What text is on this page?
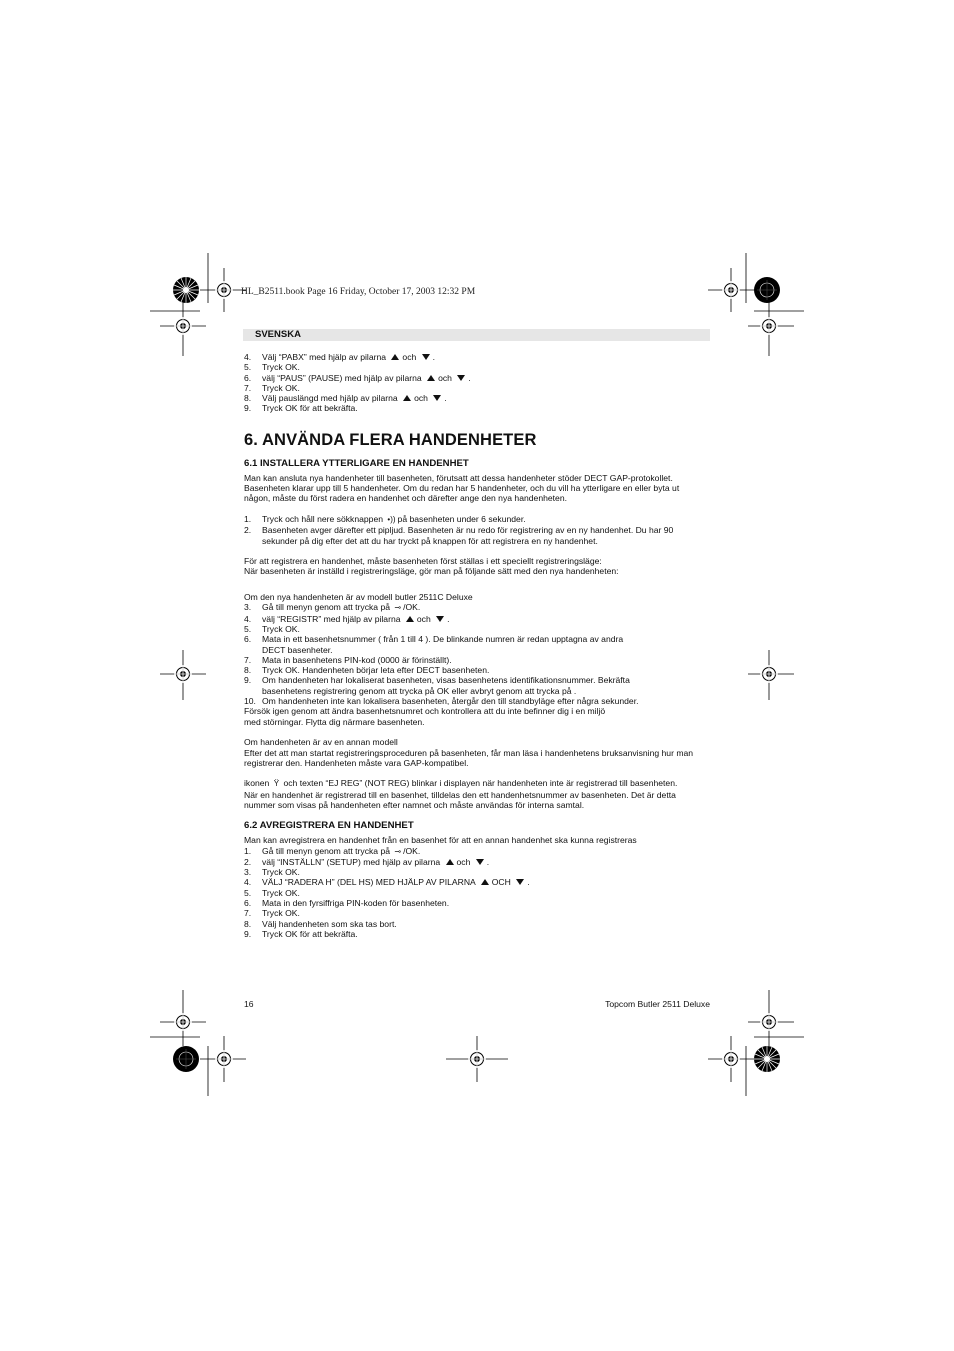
HL_B2511.book Page 16 Friday, October 17, 2003 12:32 PM
SVENSKA
4. Välj “PABX” med hjälp av pilarna och .
5. Tryck OK.
6. välj “PAUS” (PAUSE) med hjälp av pilarna och .
7. Tryck OK.
8. Välj pauslängd med hjälp av pilarna och .
9. Tryck OK för att bekräfta.
6. ANVÄNDA FLERA HANDENHETER
6.1 INSTALLERA YTTERLIGARE EN HANDENHET
Man kan ansluta nya handenheter till basenheten, förutsatt att dessa handenheter stöder DECT GAP-protokollet.
Basenheten klarar upp till 5 handenheter. Om du redan har 5 handenheter, och du vill ha ytterligare en eller byta ut
någon, måste du först radera en handenhet och därefter ange den nya handenheten.
1. Tryck och håll nere sökknappen •)) på basenheten under 6 sekunder.
2. Basenheten avger därefter ett pipljud. Basenheten är nu redo för registrering av en ny handenhet. Du har 90
sekunder på dig efter det att du har tryckt på knappen för att registrera en ny handenhet.
För att registrera en handenhet, måste basenheten först ställas i ett speciellt registreringsläge:
När basenheten är inställd i registreringsläge, gör man på följande sätt med den nya handenheten:
Om den nya handenheten är av modell butler 2511C Deluxe
3. Gå till menyn genom att trycka på ⊸ /OK.
4. välj “REGISTR” med hjälp av pilarna och .
5. Tryck OK.
6. Mata in ett basenhetsnummer ( från 1 till 4 ). De blinkande numren är redan upptagna av andra
DECT basenheter.
7. Mata in basenhetens PIN-kod (0000 är förinställt).
8. Tryck OK. Handenheten börjar leta efter DECT basenheten.
9. Om handenheten har lokaliserat basenheten, visas basenhetens identifikationsnummer. Bekräfta
basenhetens registrering genom att trycka på OK eller avbryt genom att trycka på .
10. Om handenheten inte kan lokalisera basenheten, återgår den till standbyläge efter några sekunder.
Försök igen genom att ändra basenhetsnumret och kontrollera att du inte befinner dig i en miljö
med störningar. Flytta dig närmare basenheten.
Om handenheten är av en annan modell
Efter det att man startat registreringsproceduren på basenheten, får man läsa i handenhetens bruksanvisning hur man
registrerar den. Handenheten måste vara GAP-kompatibel.
ikonen Ÿ och texten “EJ REG” (NOT REG) blinkar i displayen när handenheten inte är registrerad till basenheten.
När en handenhet är registrerad till en basenhet, tilldelas den ett handenhetsnummer av basenheten. Det är detta
nummer som visas på handenheten efter namnet och måste användas för interna samtal.
6.2 AVREGISTRERA EN HANDENHET
Man kan avregistrera en handenhet från en basenhet för att en annan handenhet ska kunna registreras
1. Gå till menyn genom att trycka på ⊸ /OK.
2. välj “INSTÄLLN” (SETUP) med hjälp av pilarna och .
3. Tryck OK.
4. VÄLJ “RADERA H” (DEL HS) MED HJÄLP AV PILARNA OCH .
5. Tryck OK.
6. Mata in den fyrsiffriga PIN-koden för basenheten.
7. Tryck OK.
8. Välj handenheten som ska tas bort.
9. Tryck OK för att bekräfta.
16	Topcom Butler 2511 Deluxe
